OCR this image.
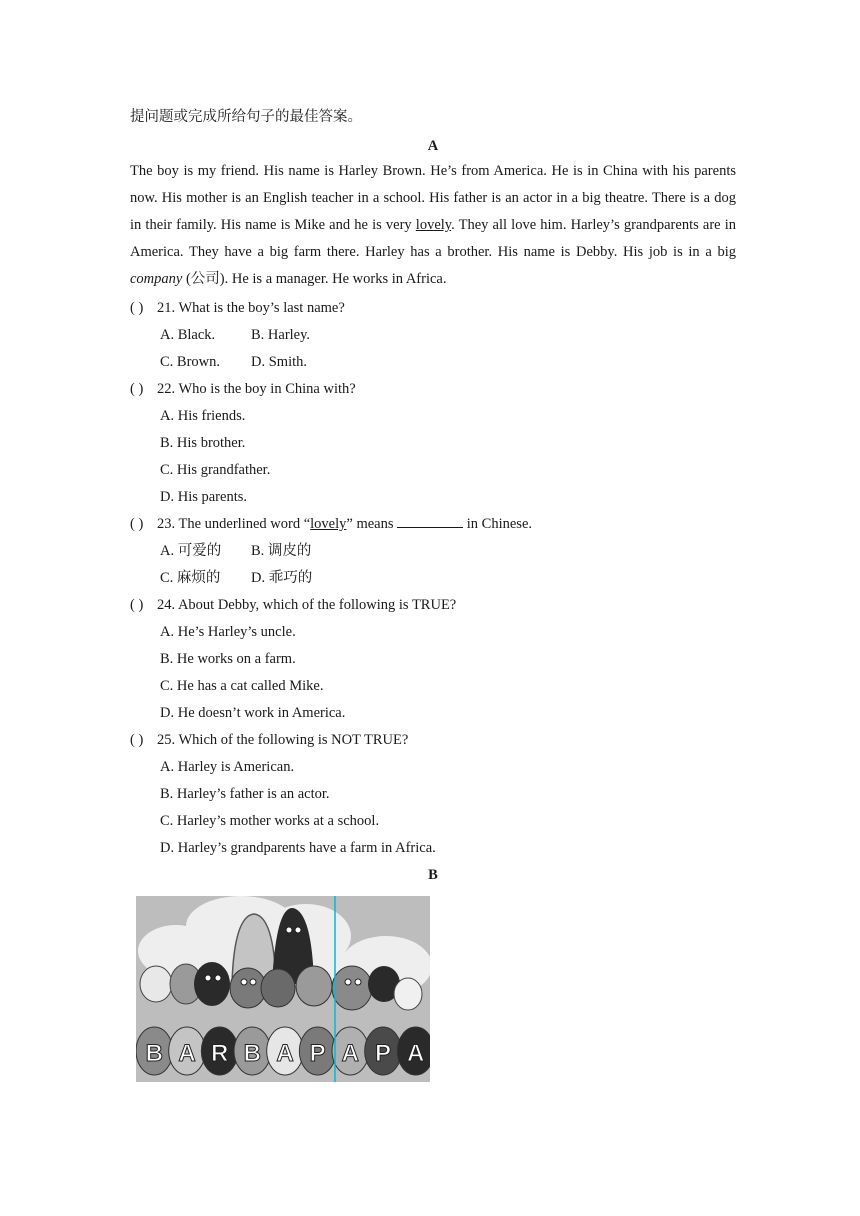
提问题或完成所给句子的最佳答案。
A
The boy is my friend. His name is Harley Brown. He’s from America. He is in China with his parents now. His mother is an English teacher in a school. His father is an actor in a big theatre. There is a dog in their family. His name is Mike and he is very lovely. They all love him. Harley’s grandparents are in America. They have a big farm there. Harley has a brother. His name is Debby. His job is in a big company (公司). He is a manager. He works in Africa.
( ) 21. What is the boy’s last name?
A. Black. B. Harley.
C. Brown. D. Smith.
( ) 22. Who is the boy in China with?
A. His friends.
B. His brother.
C. His grandfather.
D. His parents.
( ) 23. The underlined word “lovely” means	in Chinese.
A. 可爱的 B. 调皮的
C. 麻烦的 D. 乖巧的
( ) 24. About Debby, which of the following is TRUE?
A. He’s Harley’s uncle.
B. He works on a farm.
C. He has a cat called Mike.
D. He doesn’t work in America.
( ) 25. Which of the following is NOT TRUE?
A. Harley is American.
B. Harley’s father is an actor.
C. Harley’s mother works at a school.
D. Harley’s grandparents have a farm in Africa.
B
B A R B A P A P A
